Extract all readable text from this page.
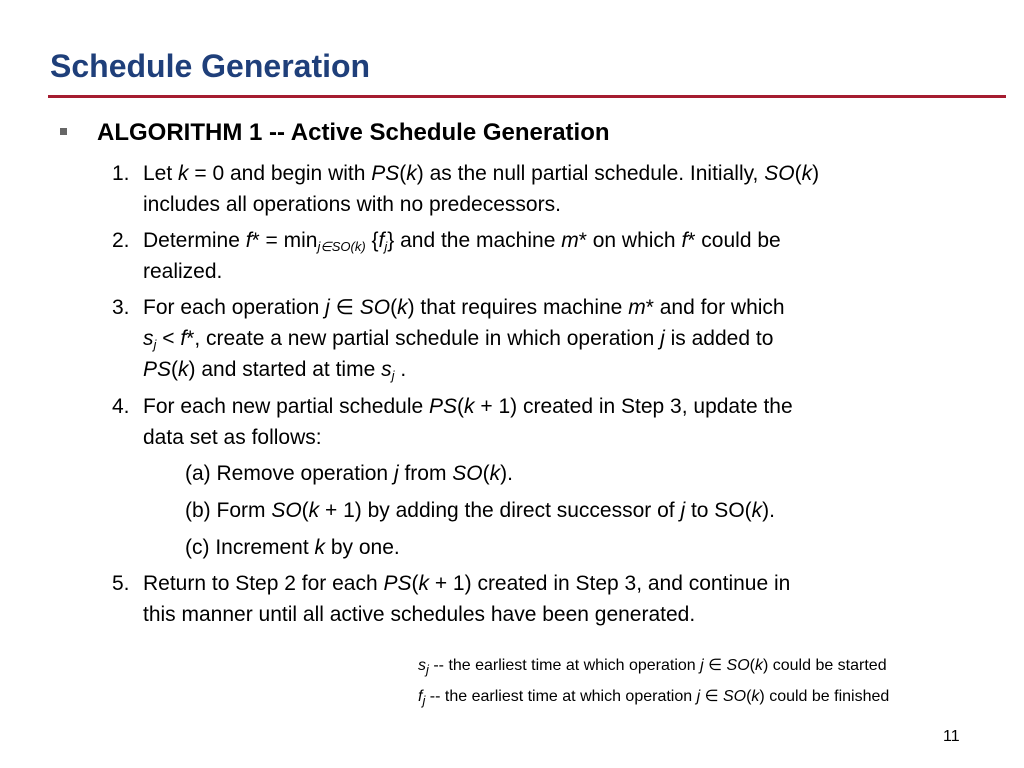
Schedule Generation
ALGORITHM 1 -- Active Schedule Generation
1. Let k = 0 and begin with PS(k) as the null partial schedule. Initially, SO(k)
includes all operations with no predecessors.
2. Determine $f* = \min_{j\in SO(k)} \{f_j\}$ and the machine m* on which f* could be
realized.
3. For each operation j ∈ SO(k) that requires machine m* and for which
$s_j < f*$, create a new partial schedule in which operation j is added to
PS(k) and started at time $s_j$ .
4. For each new partial schedule PS(k + 1) created in Step 3, update the
data set as follows:
(a) Remove operation j from SO(k).
(b) Form SO(k + 1) by adding the direct successor of j to SO(k).
(c) Increment k by one.
5. Return to Step 2 for each PS(k + 1) created in Step 3, and continue in
this manner until all active schedules have been generated.
$s_j$ -- the earliest time at which operation j ∈ SO(k) could be started
$f_j$ -- the earliest time at which operation j ∈ SO(k) could be finished
11
